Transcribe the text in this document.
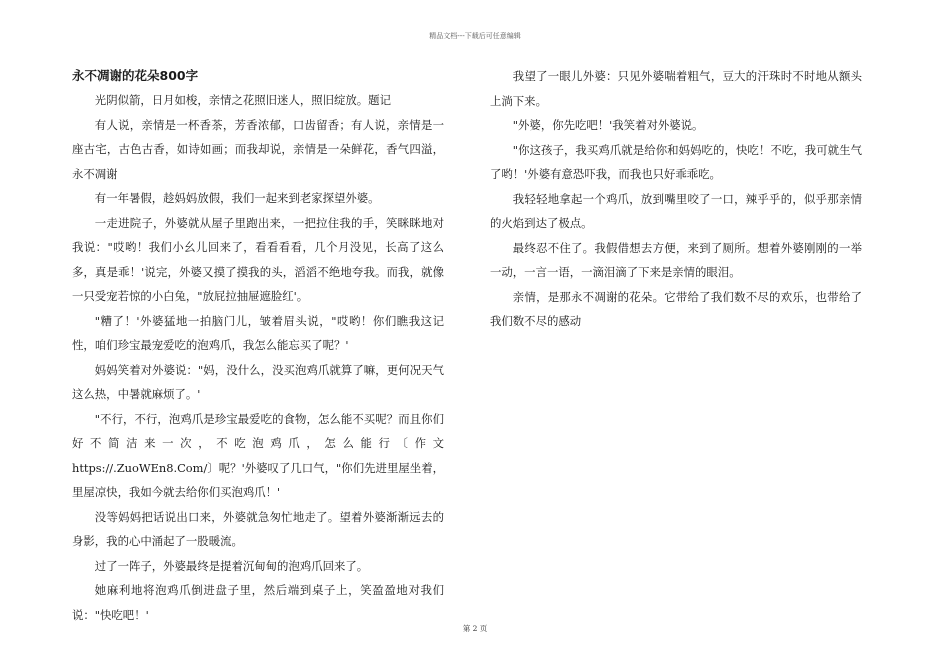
精品文档---下载后可任意编辑
永不凋谢的花朵800字

光阴似箭，日月如梭，亲情之花照旧迷人，照旧绽放。题记

有人说，亲情是一杯香茶，芳香浓郁，口齿留香；有人说，亲情是一座古宅，古色古香，如诗如画；而我却说，亲情是一朵鲜花，香气四溢，永不凋谢

有一年暑假，趁妈妈放假，我们一起来到老家探望外婆。

一走进院子，外婆就从屋子里跑出来，一把拉住我的手，笑眯眯地对我说："哎哟！我们小幺儿回来了，看看看看，几个月没见，长高了这么多，真是乖！'说完，外婆又摸了摸我的头，滔滔不绝地夸我。而我，就像一只受宠若惊的小白兔，"放屁拉抽屉遮脸红'。

"糟了！'外婆猛地一拍脑门儿，皱着眉头说，"哎哟！你们瞧我这记性，咱们珍宝最宠爱吃的泡鸡爪，我怎么能忘买了呢？'

妈妈笑着对外婆说："妈，没什么，没买泡鸡爪就算了嘛，更何况天气这么热，中暑就麻烦了。'

"不行，不行，泡鸡爪是珍宝最爱吃的食物，怎么能不买呢？而且你们好不简洁来一次，不吃泡鸡爪，怎么能行〔作文https://.ZuoWEn8.Com/〕呢？'外婆叹了几口气，"你们先进里屋坐着，里屋凉快，我如今就去给你们买泡鸡爪！'

没等妈妈把话说出口来，外婆就急匆忙地走了。望着外婆渐渐远去的身影，我的心中涌起了一股暖流。

过了一阵子，外婆最终是提着沉甸甸的泡鸡爪回来了。

她麻利地将泡鸡爪倒进盘子里，然后端到桌子上，笑盈盈地对我们说："快吃吧！'

我望了一眼儿外婆：只见外婆喘着粗气，豆大的汗珠时不时地从额头上淌下来。

"外婆，你先吃吧！'我笑着对外婆说。

"你这孩子，我买鸡爪就是给你和妈妈吃的，快吃！不吃，我可就生气了哟！'外婆有意恐吓我，而我也只好乖乖吃。

我轻轻地拿起一个鸡爪，放到嘴里咬了一口，辣乎乎的，似乎那亲情的火焰到达了极点。

最终忍不住了。我假借想去方便，来到了厕所。想着外婆刚刚的一举一动，一言一语，一滴泪滴了下来是亲情的眼泪。

亲情，是那永不凋谢的花朵。它带给了我们数不尽的欢乐，也带给了我们数不尽的感动

第 2 页
